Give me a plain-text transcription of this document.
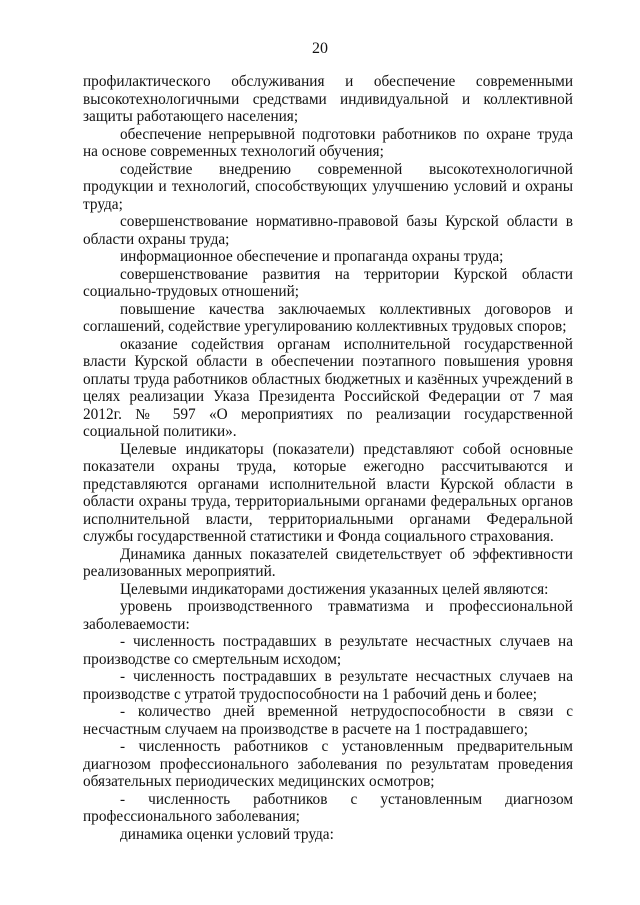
20

профилактического обслуживания и обеспечение современными высокотехнологичными средствами индивидуальной и коллективной защиты работающего населения;

обеспечение непрерывной подготовки работников по охране труда на основе современных технологий обучения;

содействие внедрению современной высокотехнологичной продукции и технологий, способствующих улучшению условий и охраны труда;

совершенствование нормативно-правовой базы Курской области в области охраны труда;

информационное обеспечение и пропаганда охраны труда;

совершенствование развития на территории Курской области социально-трудовых отношений;

повышение качества заключаемых коллективных договоров и соглашений, содействие урегулированию коллективных трудовых споров;

оказание содействия органам исполнительной государственной власти Курской области в обеспечении поэтапного повышения уровня оплаты труда работников областных бюджетных и казённых учреждений в целях реализации Указа Президента Российской Федерации от 7 мая 2012г. № 597 «О мероприятиях по реализации государственной социальной политики».

Целевые индикаторы (показатели) представляют собой основные показатели охраны труда, которые ежегодно рассчитываются и представляются органами исполнительной власти Курской области в области охраны труда, территориальными органами федеральных органов исполнительной власти, территориальными органами Федеральной службы государственной статистики и Фонда социального страхования.

Динамика данных показателей свидетельствует об эффективности реализованных мероприятий.

Целевыми индикаторами достижения указанных целей являются:

уровень производственного травматизма и профессиональной заболеваемости:

- численность пострадавших в результате несчастных случаев на производстве со смертельным исходом;

- численность пострадавших в результате несчастных случаев на производстве с утратой трудоспособности на 1 рабочий день и более;

- количество дней временной нетрудоспособности в связи с несчастным случаем на производстве в расчете на 1 пострадавшего;

- численность работников с установленным предварительным диагнозом профессионального заболевания по результатам проведения обязательных периодических медицинских осмотров;

- численность работников с установленным диагнозом профессионального заболевания;

динамика оценки условий труда:
